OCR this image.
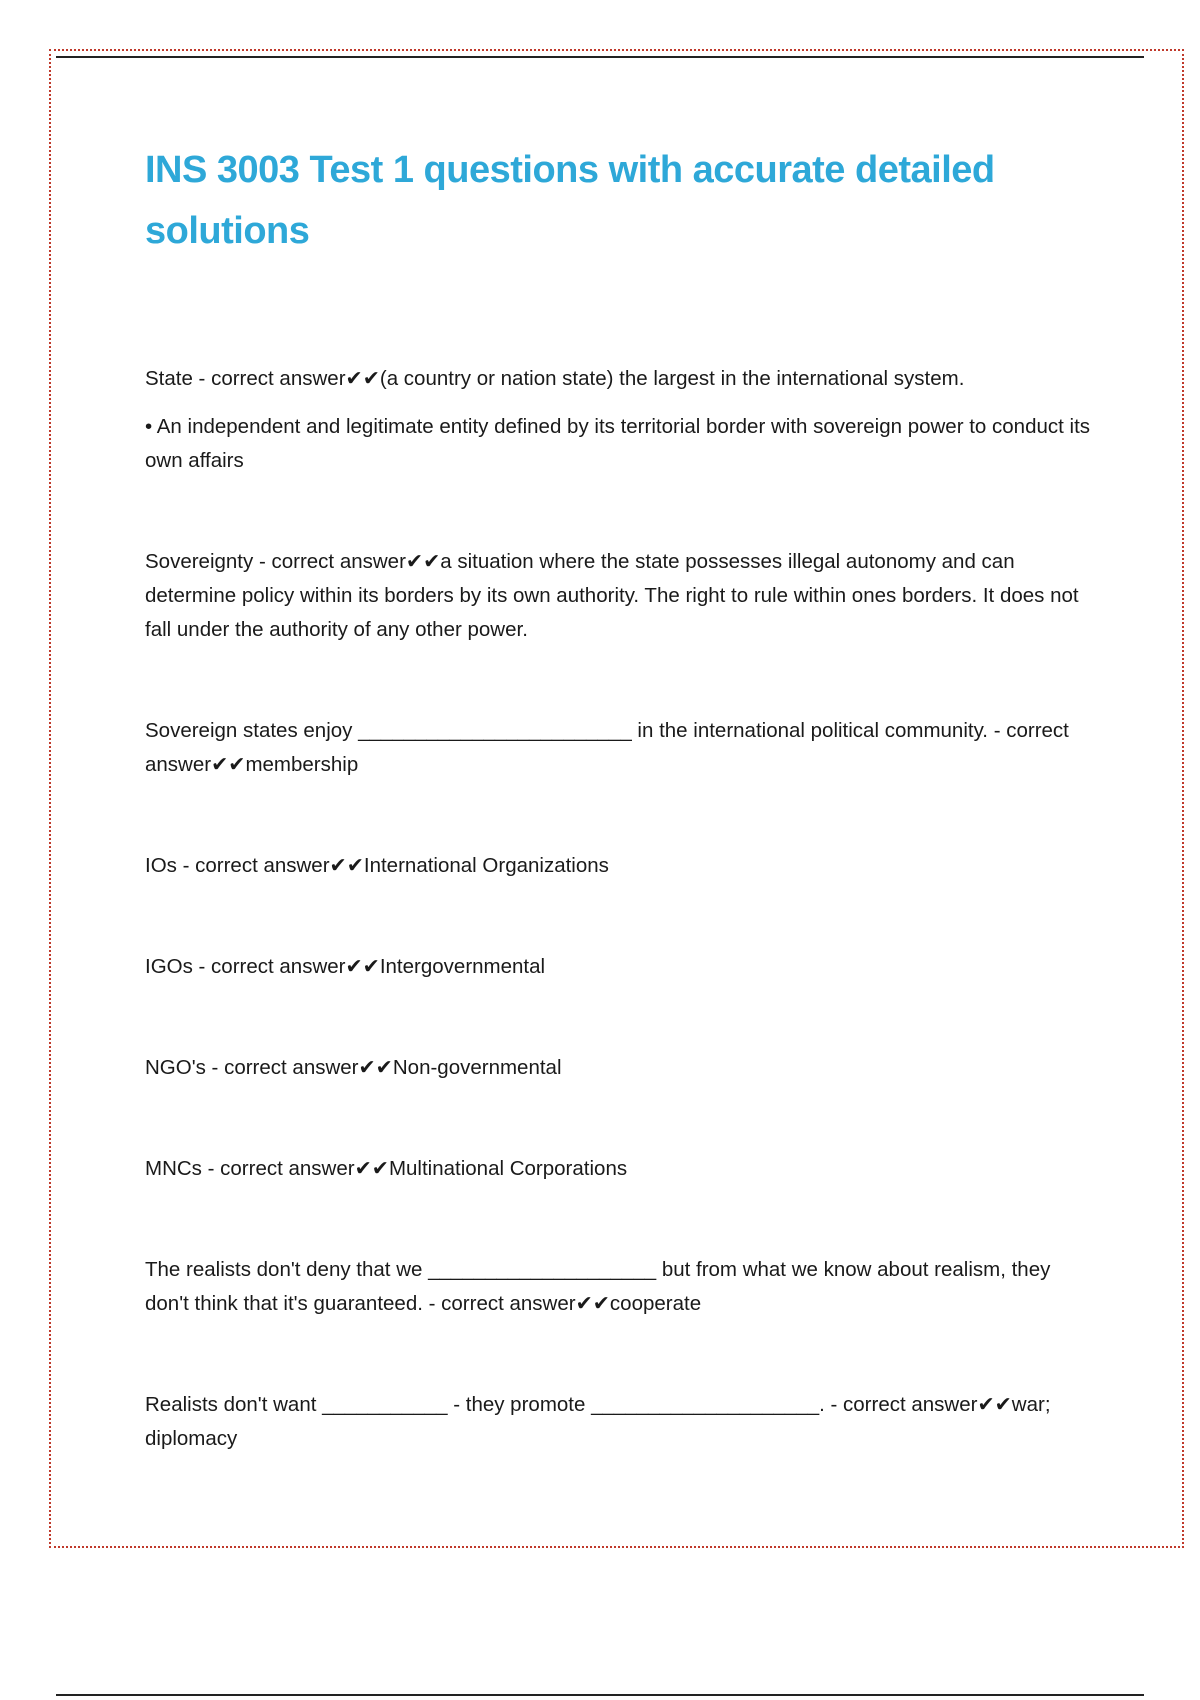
INS 3003 Test 1 questions with accurate detailed solutions

State - correct answer✔✔(a country or nation state) the largest in the international system.

• An independent and legitimate entity defined by its territorial border with sovereign power to conduct its own affairs

Sovereignty - correct answer✔✔a situation where the state possesses illegal autonomy and can determine policy within its borders by its own authority. The right to rule within ones borders. It does not fall under the authority of any other power.

Sovereign states enjoy ________________________ in the international political community. - correct answer✔✔membership

IOs - correct answer✔✔International Organizations

IGOs - correct answer✔✔Intergovernmental

NGO's - correct answer✔✔Non-governmental

MNCs - correct answer✔✔Multinational Corporations

The realists don't deny that we ____________________ but from what we know about realism, they don't think that it's guaranteed. - correct answer✔✔cooperate

Realists don't want ___________ - they promote ____________________. - correct answer✔✔war; diplomacy
